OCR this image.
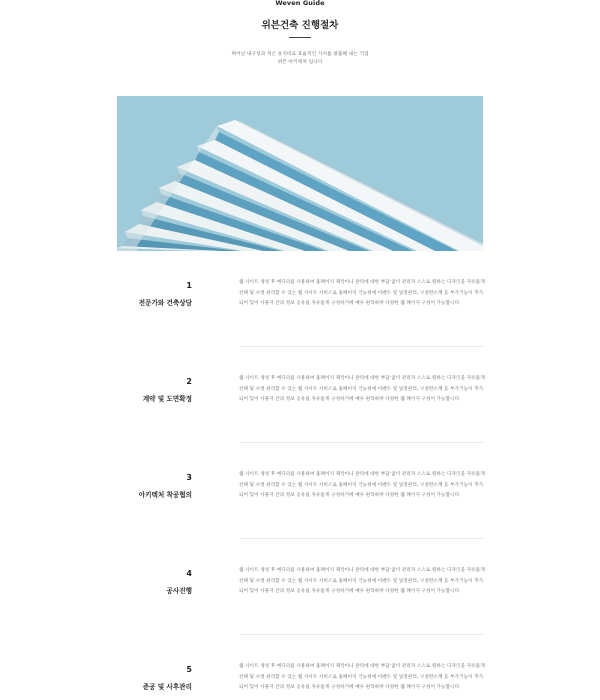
Weven Guide
위븐건축 진행절차
뛰어난 내구성과 적은 유지비로 효율적인 가치를 창출해 내는 기업
위븐 아키텍처 입니다
1
전문가와 건축상담
웹 사이트 생성 후 에디터를 사용하여 홈페이지 제작이나 관리에 대한 부담 없이 관리자 스스로 원하는 디자인을 자유롭게 선택 및 수정 관리할 수 있는 웹 사이트 서비스로 홈페이지 기능위에 이벤트 및 일정관리, 구성완소계 등 부가기능이 추가되어 있어 사용자 간의 정보 공유를 자유롭게 구성하거에 매우 편리하며 다양한 웹 페이지 구성이 가능합니다.
2
계약 및 도면확정
웹 사이트 생성 후 에디터를 사용하여 홈페이지 제작이나 관리에 대한 부담 없이 관리자 스스로 원하는 디자인을 자유롭게 선택 및 수정 관리할 수 있는 웹 사이트 서비스로 홈페이지 기능위에 이벤트 및 일정관리, 구성완소계 등 부가기능이 추가되어 있어 사용자 간의 정보 공유를 자유롭게 구성하거에 매우 편리하며 다양한 웹 페이지 구성이 가능합니다.
3
아키텍처 착공협의
웹 사이트 생성 후 에디터를 사용하여 홈페이지 제작이나 관리에 대한 부담 없이 관리자 스스로 원하는 디자인을 자유롭게 선택 및 수정 관리할 수 있는 웹 사이트 서비스로 홈페이지 기능위에 이벤트 및 일정관리, 구성완소계 등 부가기능이 추가되어 있어 사용자 간의 정보 공유를 자유롭게 구성하거에 매우 편리하며 다양한 웹 페이지 구성이 가능합니다.
4
공사진행
웹 사이트 생성 후 에디터를 사용하여 홈페이지 제작이나 관리에 대한 부담 없이 관리자 스스로 원하는 디자인을 자유롭게 선택 및 수정 관리할 수 있는 웹 사이트 서비스로 홈페이지 기능위에 이벤트 및 일정관리, 구성완소계 등 부가기능이 추가되어 있어 사용자 간의 정보 공유를 자유롭게 구성하거에 매우 편리하며 다양한 웹 페이지 구성이 가능합니다.
5
준공 및 사후관리
웹 사이트 생성 후 에디터를 사용하여 홈페이지 제작이나 관리에 대한 부담 없이 관리자 스스로 원하는 디자인을 자유롭게 선택 및 수정 관리할 수 있는 웹 사이트 서비스로 홈페이지 기능위에 이벤트 및 일정관리, 구성완소계 등 부가기능이 추가되어 있어 사용자 간의 정보 공유를 자유롭게 구성하거에 매우 편리하며 다양한 웹 페이지 구성이 가능합니다.
